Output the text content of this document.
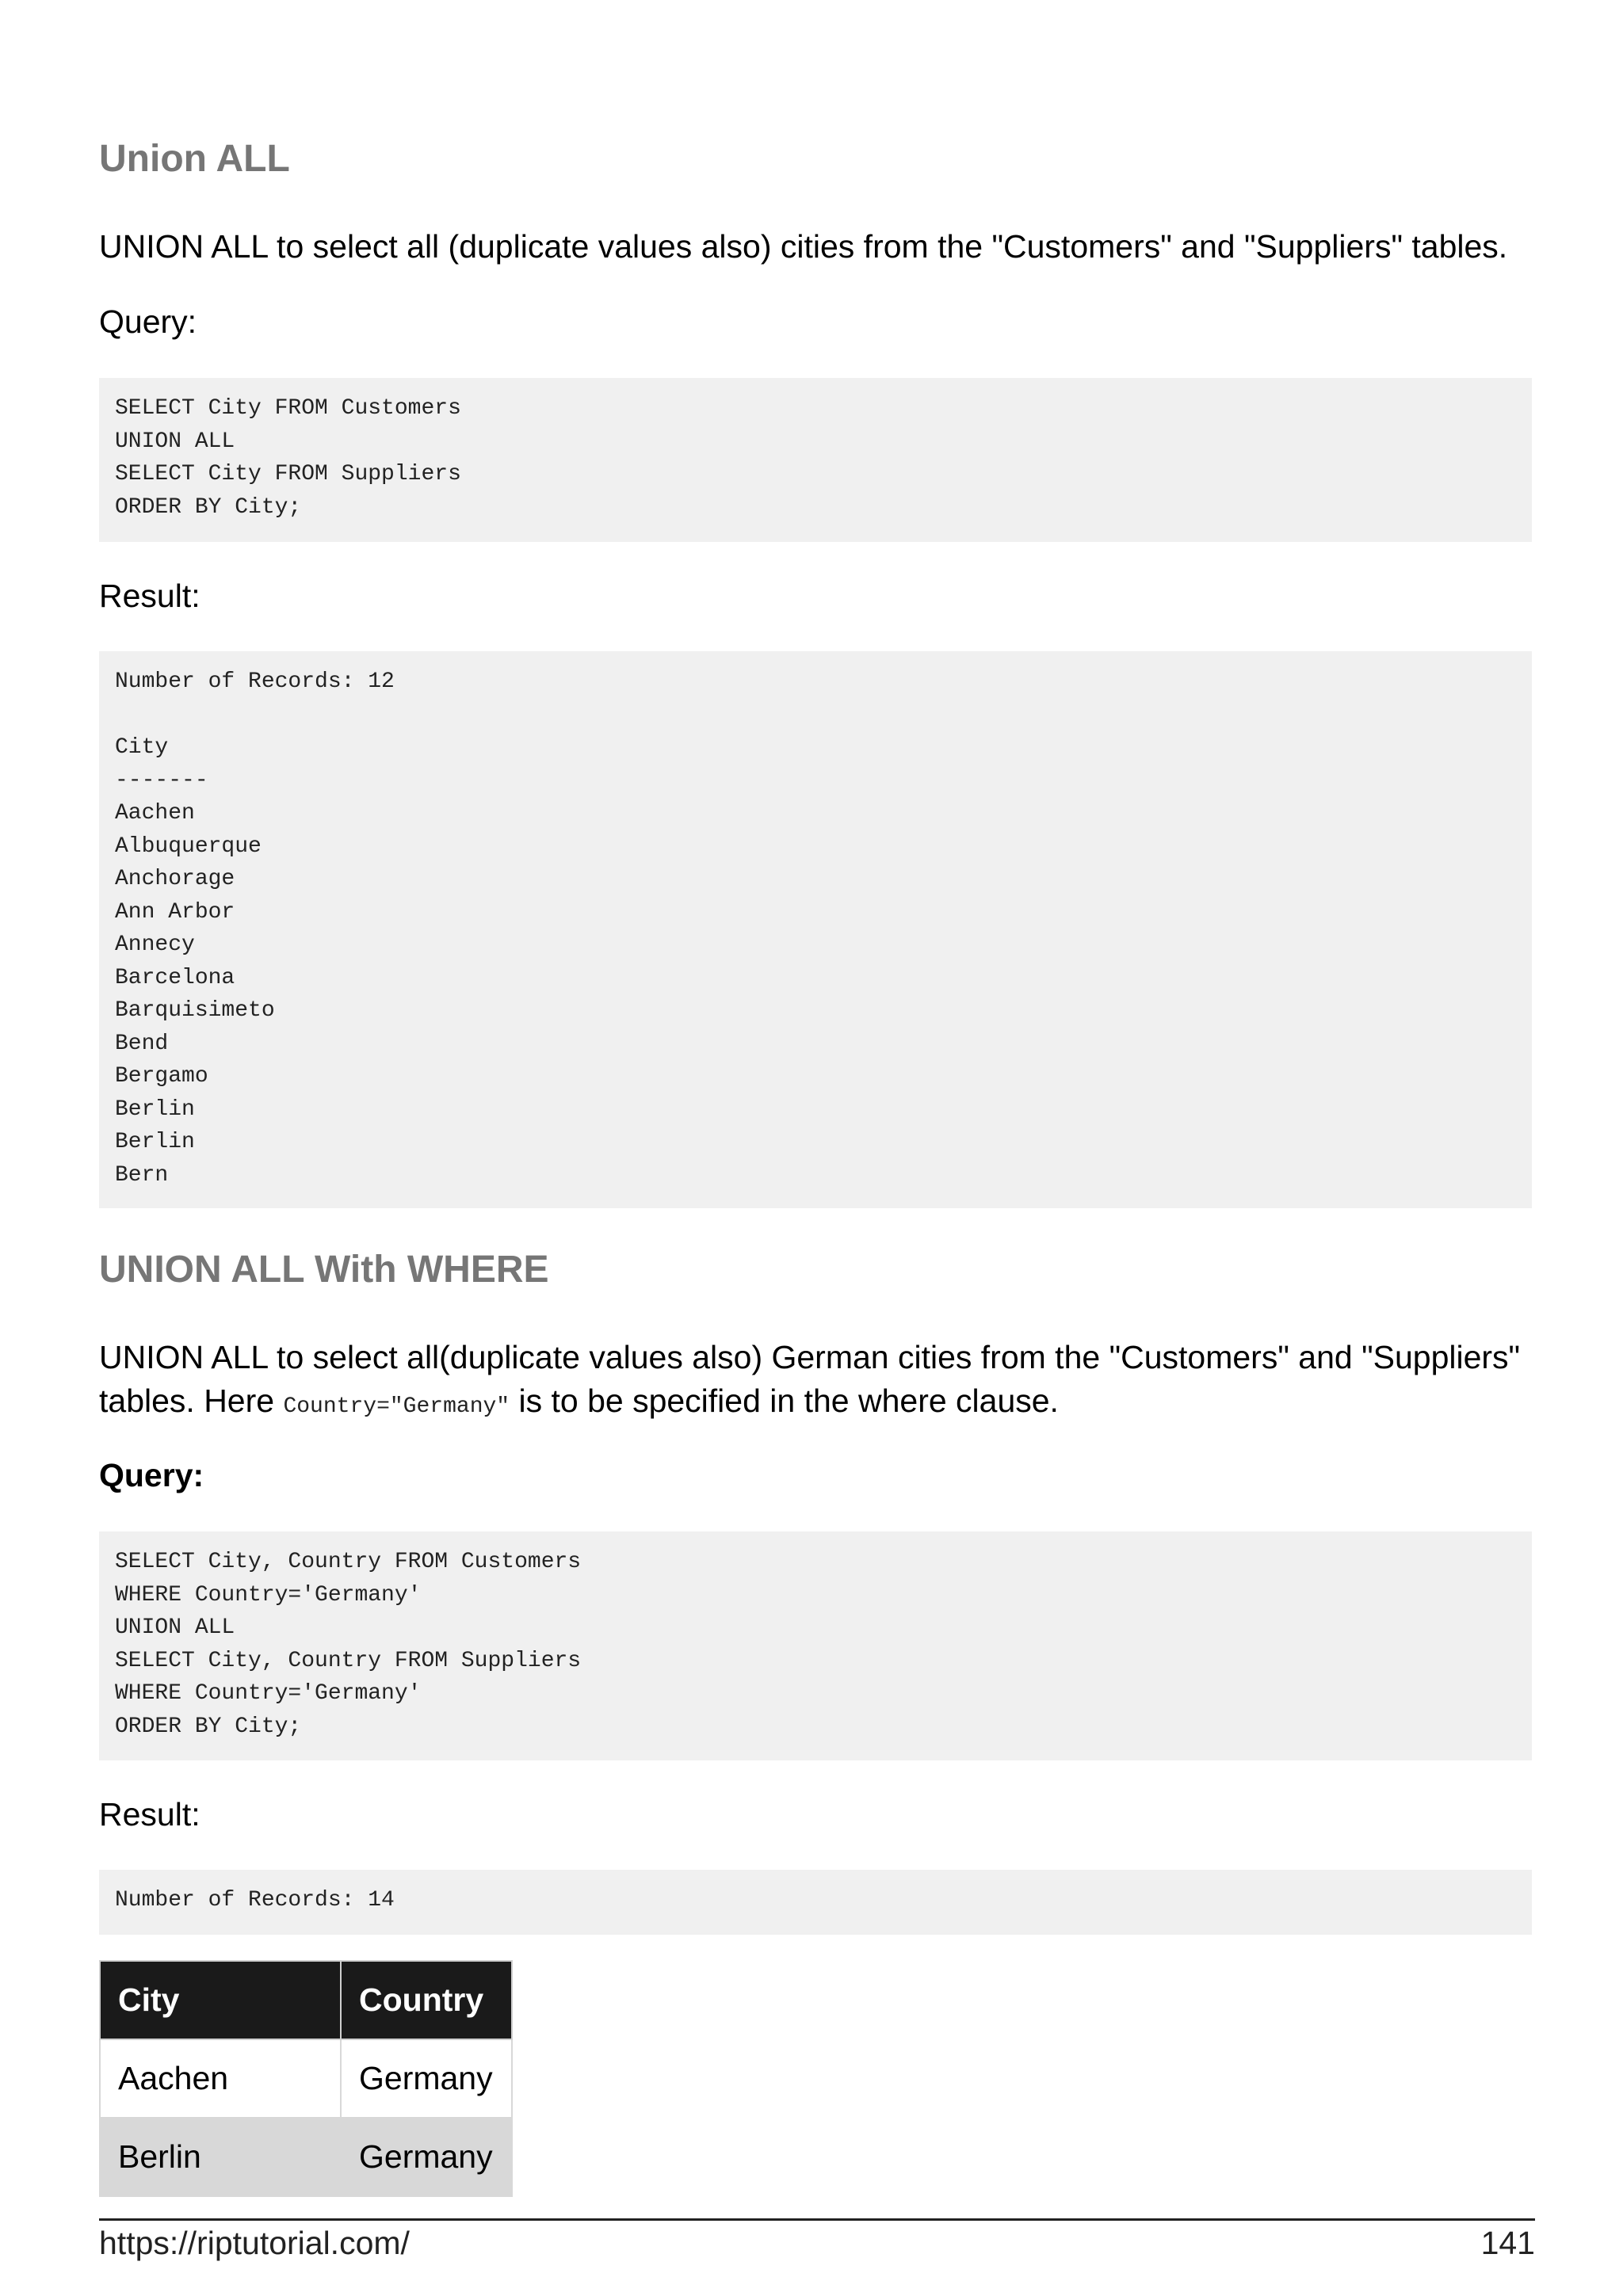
Union ALL

UNION ALL to select all (duplicate values also) cities from the "Customers" and "Suppliers" tables.

Query:

SELECT City FROM Customers
UNION ALL
SELECT City FROM Suppliers
ORDER BY City;

Result:

Number of Records: 12

City
-------
Aachen
Albuquerque
Anchorage
Ann Arbor
Annecy
Barcelona
Barquisimeto
Bend
Bergamo
Berlin
Berlin
Bern
UNION ALL With WHERE

UNION ALL to select all(duplicate values also) German cities from the "Customers" and "Suppliers" tables. Here Country="Germany" is to be specified in the where clause.

Query:

SELECT City, Country FROM Customers
WHERE Country='Germany'
UNION ALL
SELECT City, Country FROM Suppliers
WHERE Country='Germany'
ORDER BY City;

Result:

Number of Records: 14
City	Country
Aachen	Germany
Berlin	Germany
https://riptutorial.com/	141
